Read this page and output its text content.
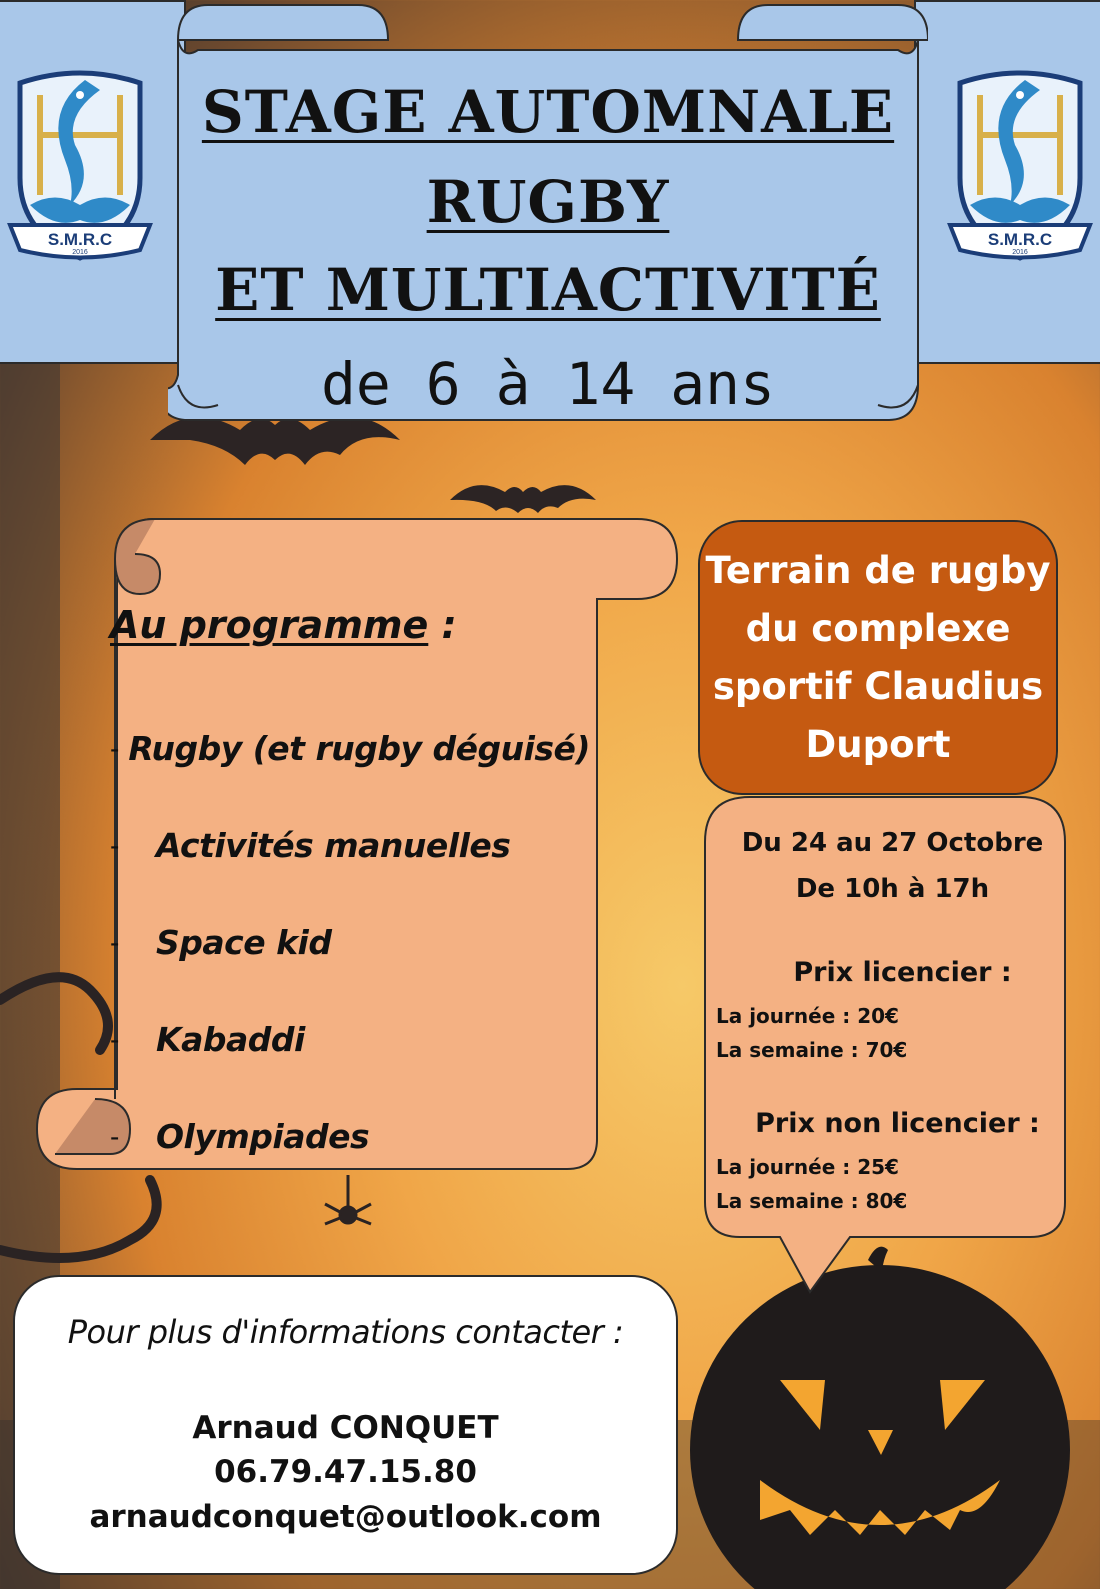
S.M.R.C
2016
S.M.R.C
2016
STAGE AUTOMNALE
RUGBY
ET MULTIACTIVITÉ

de 6 à 14 ans

Au programme :

- Rugby (et rugby déguisé)
-	Activités manuelles
-	Space kid
-	Kabaddi
-	Olympiades

Terrain de rugby
du complexe
sportif Claudius
Duport

Du 24 au 27 Octobre

De 10h à 17h

Prix licencier :

La journée : 20€

La semaine : 70€

Prix non licencier :

La journée : 25€

La semaine : 80€

Pour plus d'informations contacter :

Arnaud CONQUET

06.79.47.15.80

arnaudconquet@outlook.com
